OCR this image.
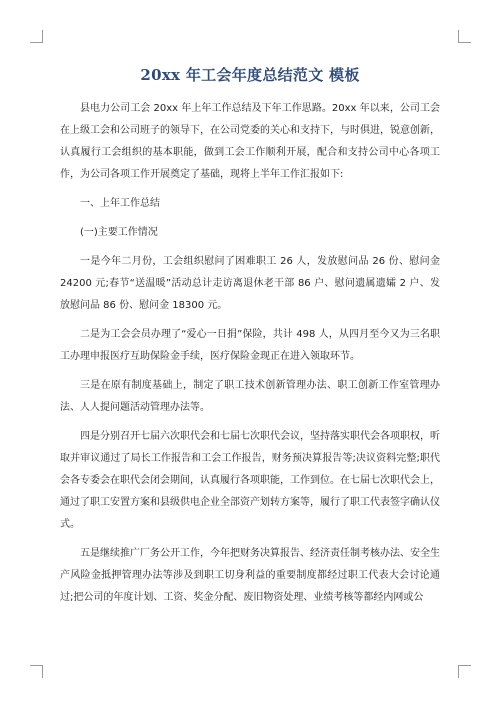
20xx 年工会年度总结范文 模板

县电力公司工会 20xx 年上年工作总结及下年工作思路。20xx 年以来，公司工会在上级工会和公司班子的领导下，在公司党委的关心和支持下，与时俱进，锐意创新，认真履行工会组织的基本职能，做到工会工作顺利开展，配合和支持公司中心各项工作，为公司各项工作开展奠定了基础，现将上半年工作汇报如下:

一、上年工作总结

(一)主要工作情况

一是今年二月份，工会组织慰问了困难职工 26 人，发放慰问品 26 份、慰问金 24200 元;春节“送温暖”活动总计走访离退休老干部 86 户、慰问遗属遗孀 2 户、发放慰问品 86 份、慰问金 18300 元。

二是为工会会员办理了“爱心一日捐”保险，共计 498 人，从四月至今又为三名职工办理申报医疗互助保险金手续，医疗保险金现正在进入领取环节。

三是在原有制度基础上，制定了职工技术创新管理办法、职工创新工作室管理办法、人人提问题活动管理办法等。

四是分别召开七届六次职代会和七届七次职代会议，坚持落实职代会各项职权，听取并审议通过了局长工作报告和工会工作报告，财务预决算报告等;决议资料完整;职代会各专委会在职代会闭会期间，认真履行各项职能，工作到位。在七届七次职代会上，通过了职工安置方案和县级供电企业全部资产划转方案等，履行了职工代表签字确认仪式。

五是继续推广厂务公开工作，今年把财务决算报告、经济责任制考核办法、安全生产风险金抵押管理办法等涉及到职工切身利益的重要制度都经过职工代表大会讨论通过;把公司的年度计划、工资、奖金分配、废旧物资处理、业绩考核等都经内网或公
